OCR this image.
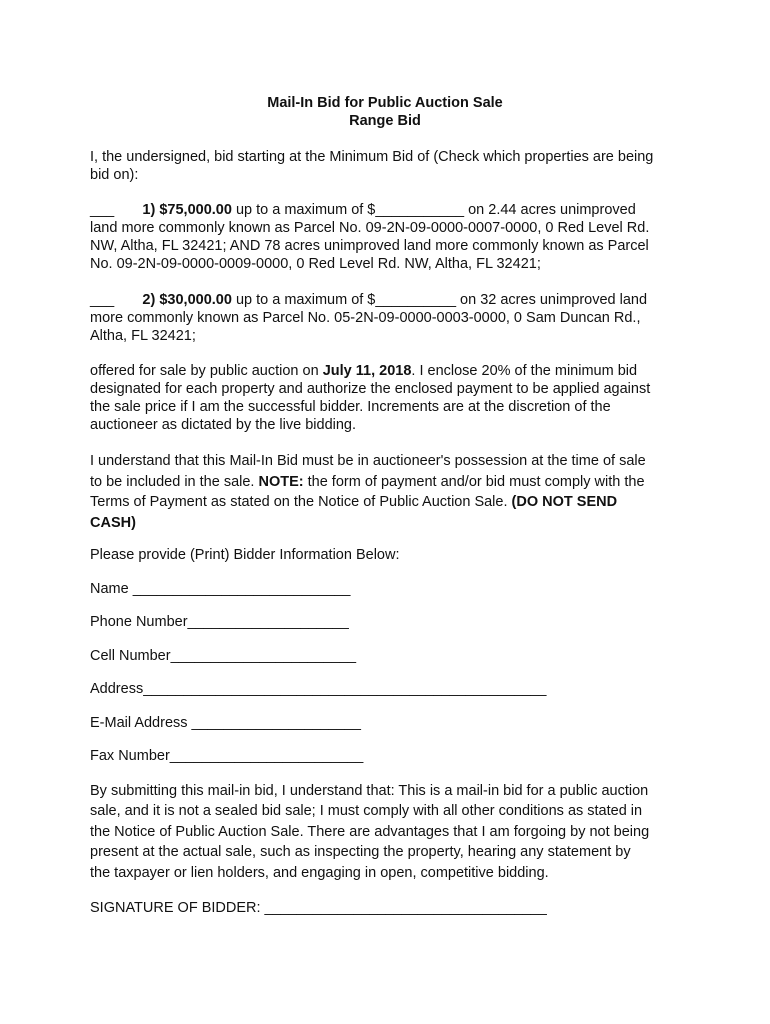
Mail-In Bid for Public Auction Sale
Range Bid
I, the undersigned, bid starting at the Minimum Bid of (Check which properties are being
bid on):
___ 1) $75,000.00 up to a maximum of $___________ on 2.44 acres unimproved
land more commonly known as Parcel No. 09-2N-09-0000-0007-0000, 0 Red Level Rd.
NW, Altha, FL 32421; AND 78 acres unimproved land more commonly known as Parcel
No. 09-2N-09-0000-0009-0000, 0 Red Level Rd. NW, Altha, FL 32421;
___ 2) $30,000.00 up to a maximum of $__________ on 32 acres unimproved land
more commonly known as Parcel No. 05-2N-09-0000-0003-0000, 0 Sam Duncan Rd.,
Altha, FL 32421;
offered for sale by public auction on July 11, 2018. I enclose 20% of the minimum bid
designated for each property and authorize the enclosed payment to be applied against
the sale price if I am the successful bidder. Increments are at the discretion of the
auctioneer as dictated by the live bidding.
I understand that this Mail-In Bid must be in auctioneer's possession at the time of sale
to be included in the sale. NOTE: the form of payment and/or bid must comply with the
Terms of Payment as stated on the Notice of Public Auction Sale. (DO NOT SEND
CASH)
Please provide (Print) Bidder Information Below:
Name ___________________________
Phone Number____________________
Cell Number_______________________
Address__________________________________________________
E-Mail Address _____________________
Fax Number________________________
By submitting this mail-in bid, I understand that: This is a mail-in bid for a public auction
sale, and it is not a sealed bid sale; I must comply with all other conditions as stated in
the Notice of Public Auction Sale. There are advantages that I am forgoing by not being
present at the actual sale, such as inspecting the property, hearing any statement by
the taxpayer or lien holders, and engaging in open, competitive bidding.
SIGNATURE OF BIDDER: ___________________________________
